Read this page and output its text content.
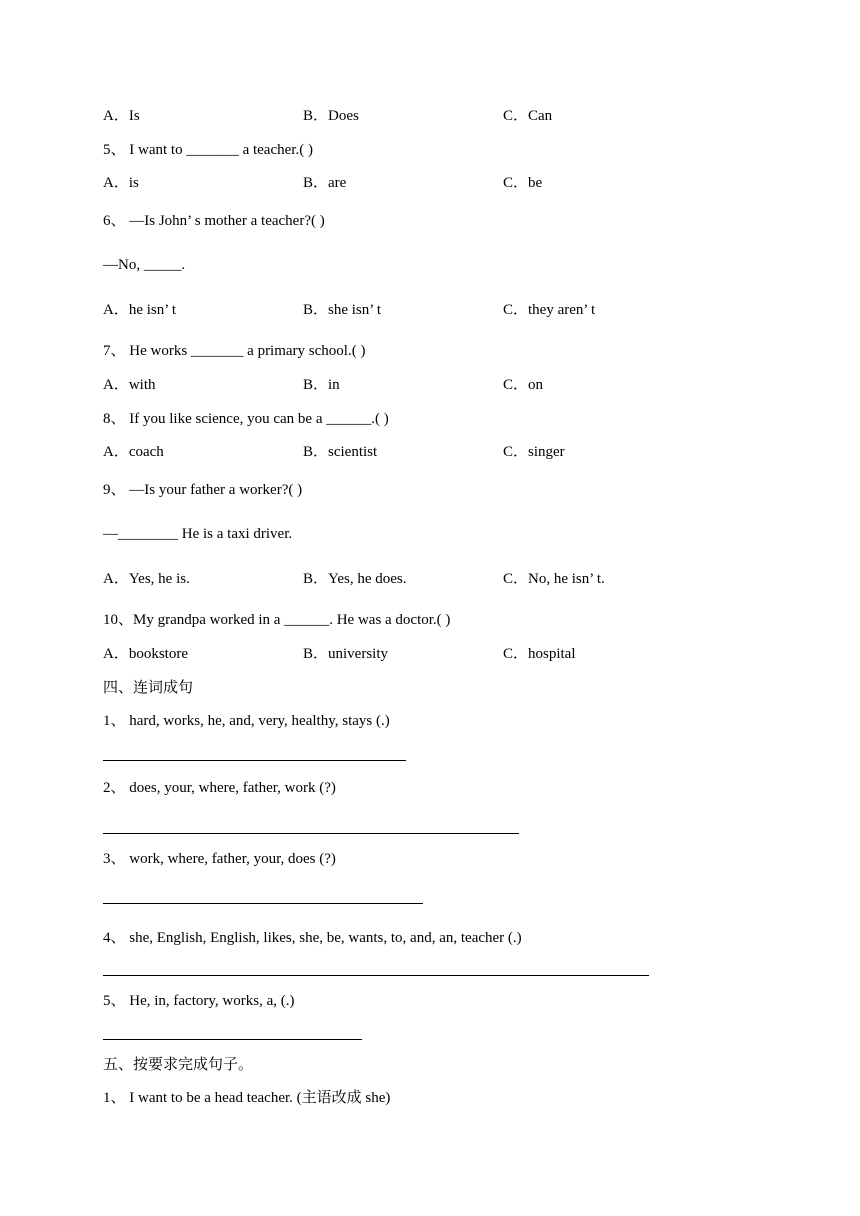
A．Is	B．Does	C．Can
5、 I want to _______ a teacher.( )
A．is	B．are	C．be
6、 —Is John’ s mother a teacher?( )
—No, _____.
A．he isn’ t	B．she isn’ t	C．they aren’ t
7、 He works _______ a primary school.( )
A．with	B．in	C．on
8、 If you like science, you can be a ______.( )
A．coach	B．scientist	C．singer
9、 —Is your father a worker?( )
—________ He is a taxi driver.
A．Yes, he is.	B．Yes, he does.	C．No, he isn’ t.
10、My grandpa worked in a ______. He was a doctor.( )
A．bookstore	B．university	C．hospital
四、连词成句
1、 hard, works, he, and, very, healthy, stays (.)
2、 does, your, where, father, work (?)
3、 work, where, father, your, does (?)
4、 she, English, English, likes, she, be, wants, to, and, an, teacher (.)
5、 He, in, factory, works, a, (.)
五、按要求完成句子。
1、 I want to be a head teacher. (主语改成 she)
